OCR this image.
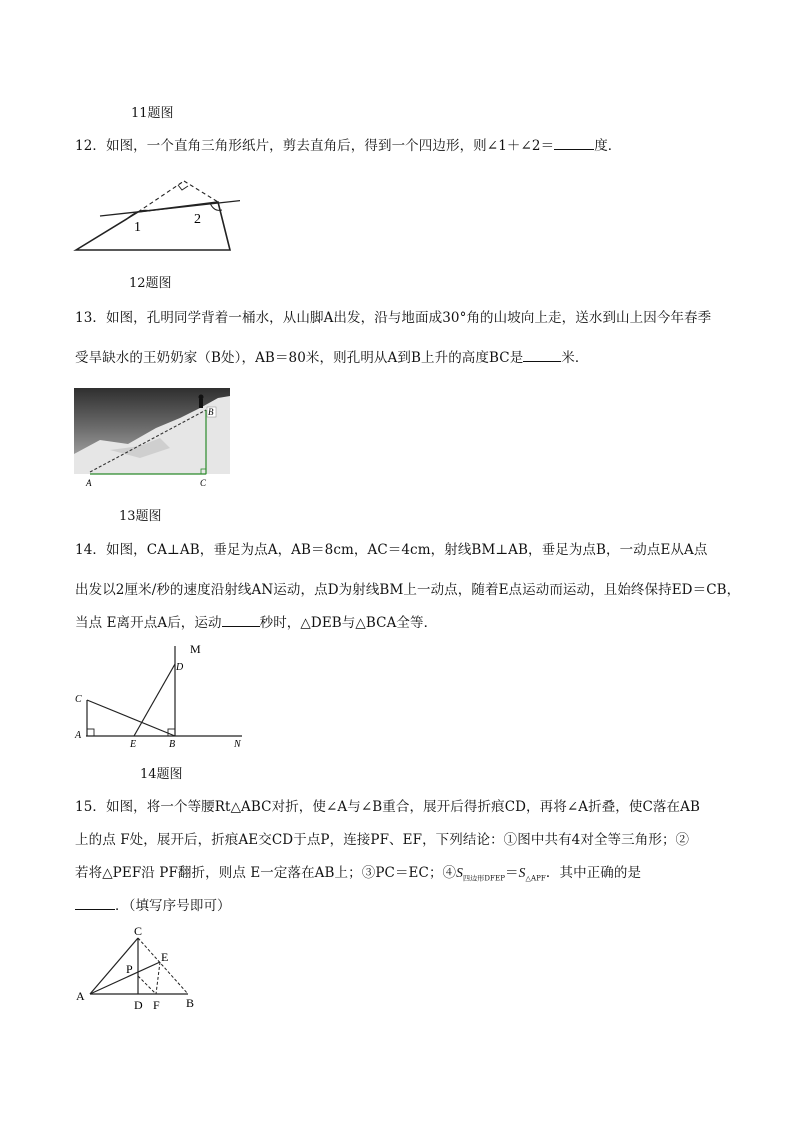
11题图
12．如图，一个直角三角形纸片，剪去直角后，得到一个四边形，则∠1＋∠2＝	度．
1
2
12题图
13．如图，孔明同学背着一桶水，从山脚A出发，沿与地面成30°角的山坡向上走，送水到山上因今年春季
受旱缺水的王奶奶家（B处），AB＝80米，则孔明从A到B上升的高度BC是	米．
B
A	C
13题图
14．如图，CA⊥AB，垂足为点A，AB＝8cm，AC＝4cm，射线BM⊥AB，垂足为点B，一动点E从A点
出发以2厘米/秒的速度沿射线AN运动，点D为射线BM上一动点，随着E点运动而运动，且始终保持ED＝CB，
当点 E离开点A后，运动	秒时，△DEB与△BCA全等．
M
D
C
A
E	B	N
14题图
15．如图，将一个等腰Rt△ABC对折，使∠A与∠B重合，展开后得折痕CD，再将∠A折叠，使C落在AB
上的点 F处，展开后，折痕AE交CD于点P，连接PF、EF，下列结论：①图中共有4对全等三角形；②
若将△PEF沿 PF翻折，则点 E一定落在AB上；③PC＝EC；$④S_{四边形DFEP}=S_{\triangle APF}$．其中正确的是
．（填写序号即可）
C
P
E
A
D F B
